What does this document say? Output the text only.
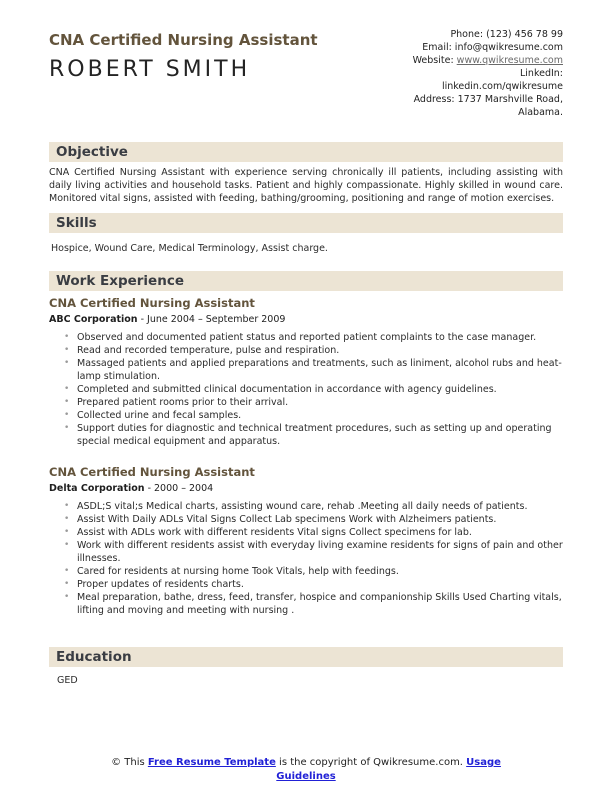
CNA Certified Nursing Assistant
ROBERT SMITH
Phone: (123) 456 78 99
Email: info@qwikresume.com
Website: www.qwikresume.com
LinkedIn:
linkedin.com/qwikresume
Address: 1737 Marshville Road,
Alabama.
Objective

CNA Certified Nursing Assistant with experience serving chronically ill patients, including assisting with daily living activities and household tasks. Patient and highly compassionate. Highly skilled in wound care. Monitored vital signs, assisted with feeding, bathing/grooming, positioning and range of motion exercises.

Skills

Hospice, Wound Care, Medical Terminology, Assist charge.

Work Experience
CNA Certified Nursing Assistant
ABC Corporation - June 2004 – September 2009
• Observed and documented patient status and reported patient complaints to the case manager.
• Read and recorded temperature, pulse and respiration.
• Massaged patients and applied preparations and treatments, such as liniment, alcohol rubs and heat-lamp stimulation.
• Completed and submitted clinical documentation in accordance with agency guidelines.
• Prepared patient rooms prior to their arrival.
• Collected urine and fecal samples.
• Support duties for diagnostic and technical treatment procedures, such as setting up and operating special medical equipment and apparatus.
CNA Certified Nursing Assistant
Delta Corporation - 2000 – 2004
• ASDL;S vital;s Medical charts, assisting wound care, rehab .Meeting all daily needs of patients.
• Assist With Daily ADLs Vital Signs Collect Lab specimens Work with Alzheimers patients.
• Assist with ADLs work with different residents Vital signs Collect specimens for lab.
• Work with different residents assist with everyday living examine residents for signs of pain and other illnesses.
• Cared for residents at nursing home Took Vitals, help with feedings.
• Proper updates of residents charts.
• Meal preparation, bathe, dress, feed, transfer, hospice and companionship Skills Used Charting vitals, lifting and moving and meeting with nursing .
Education

GED

© This Free Resume Template is the copyright of Qwikresume.com. Usage Guidelines
